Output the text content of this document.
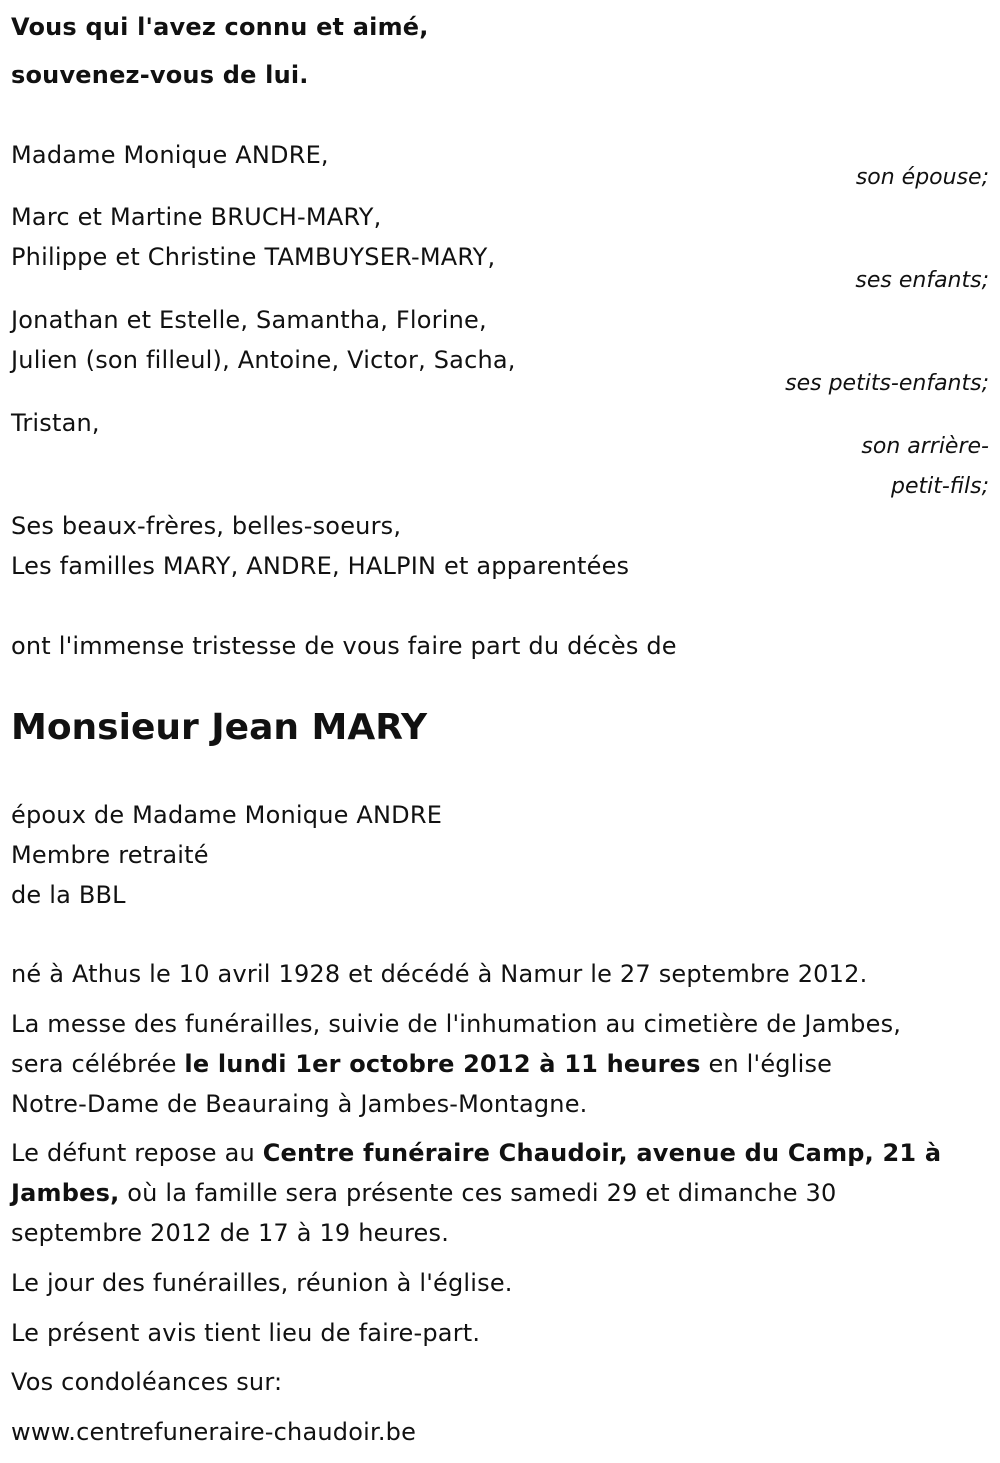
Vous qui l'avez connu et aimé,

souvenez-vous de lui.

Madame Monique ANDRE,

son épouse;

Marc et Martine BRUCH-MARY,

Philippe et Christine TAMBUYSER-MARY,

ses enfants;

Jonathan et Estelle, Samantha, Florine,

Julien (son filleul), Antoine, Victor, Sacha,

ses petits-enfants;

Tristan,

son arrière-

petit-fils;

Ses beaux-frères, belles-soeurs,

Les familles MARY, ANDRE, HALPIN et apparentées

ont l'immense tristesse de vous faire part du décès de

Monsieur Jean MARY

époux de Madame Monique ANDRE

Membre retraité

de la BBL

né à Athus le 10 avril 1928 et décédé à Namur le 27 septembre 2012.

La messe des funérailles, suivie de l'inhumation au cimetière de Jambes,

sera célébrée le lundi 1er octobre 2012 à 11 heures en l'église

Notre-Dame de Beauraing à Jambes-Montagne.

Le défunt repose au Centre funéraire Chaudoir, avenue du Camp, 21 à

Jambes, où la famille sera présente ces samedi 29 et dimanche 30

septembre 2012 de 17 à 19 heures.

Le jour des funérailles, réunion à l'église.

Le présent avis tient lieu de faire-part.

Vos condoléances sur:

www.centrefuneraire-chaudoir.be
